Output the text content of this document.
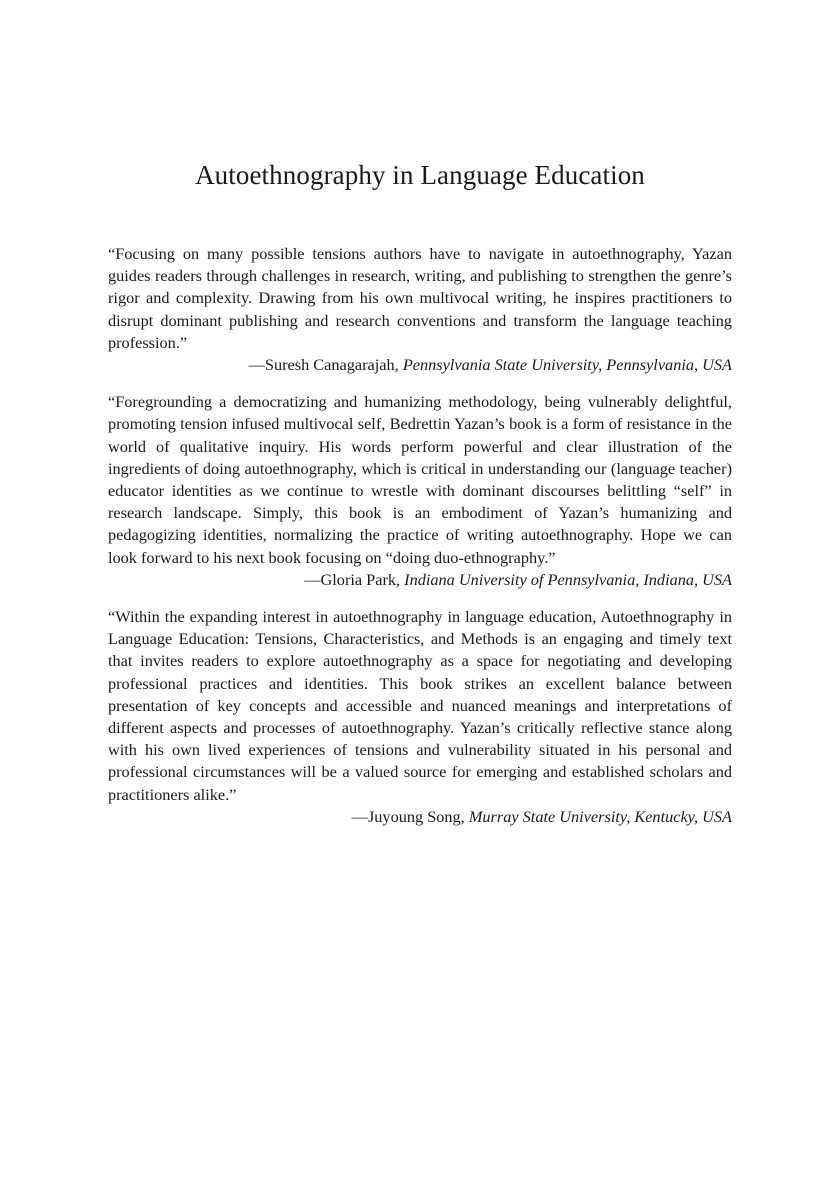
Autoethnography in Language Education

“Focusing on many possible tensions authors have to navigate in autoethnography, Yazan guides readers through challenges in research, writing, and publishing to strengthen the genre’s rigor and complexity. Drawing from his own multivocal writing, he inspires practitioners to disrupt dominant publishing and research conventions and transform the language teaching profession.”

—Suresh Canagarajah, Pennsylvania State University, Pennsylvania, USA

“Foregrounding a democratizing and humanizing methodology, being vulnerably delightful, promoting tension infused multivocal self, Bedrettin Yazan’s book is a form of resistance in the world of qualitative inquiry. His words perform powerful and clear illustration of the ingredients of doing autoethnography, which is critical in understanding our (language teacher) educator identities as we continue to wrestle with dominant discourses belittling “self” in research landscape. Simply, this book is an embodiment of Yazan’s humanizing and pedagogizing identities, normalizing the practice of writing autoethnography. Hope we can look forward to his next book focusing on “doing duo-ethnography.”

—Gloria Park, Indiana University of Pennsylvania, Indiana, USA

“Within the expanding interest in autoethnography in language education, Autoethnography in Language Education: Tensions, Characteristics, and Methods is an engaging and timely text that invites readers to explore autoethnography as a space for negotiating and developing professional practices and identities. This book strikes an excellent balance between presentation of key concepts and accessible and nuanced meanings and interpretations of different aspects and processes of autoethnography. Yazan’s critically reflective stance along with his own lived experiences of tensions and vulnerability situated in his personal and professional circumstances will be a valued source for emerging and established scholars and practitioners alike.”

—Juyoung Song, Murray State University, Kentucky, USA
